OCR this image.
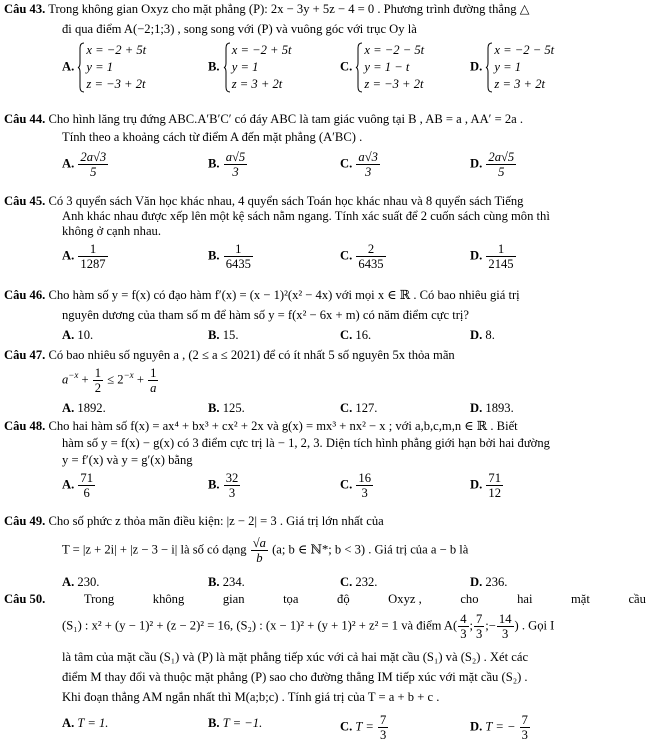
Câu 43. Trong không gian Oxyz cho mặt phẳng (P): 2x − 3y + 5z − 4 = 0 . Phương trình đường thẳng △
đi qua điểm A(−2;1;3) , song song với (P) và vuông góc với trục Oy là
A.
x = −2 + 5t
y = 1
z = −3 + 2t
B.
x = −2 + 5t
y = 1
z = 3 + 2t
C.
x = −2 − 5t
y = 1 − t
z = −3 + 2t
D.
x = −2 − 5t
y = 1
z = 3 + 2t
Câu 44. Cho hình lăng trụ đứng ABC.A′B′C′ có đáy ABC là tam giác vuông tại B , AB = a , AA′ = 2a .
Tính theo a khoảng cách từ điểm A đến mặt phẳng (A′BC) .
A. $\frac{2a√3}{5}$	B. $\frac{a√5}{3}$	C. $\frac{a√3}{3}$	D. $\frac{2a√5}{5}$
Câu 45. Có 3 quyển sách Văn học khác nhau, 4 quyển sách Toán học khác nhau và 8 quyển sách Tiếng
Anh khác nhau được xếp lên một kệ sách nằm ngang. Tính xác suất để 2 cuốn sách cùng môn thì
không ở cạnh nhau.
A. $\frac{1}{1287}$	B. $\frac{1}{6435}$	C. $\frac{2}{6435}$	D. $\frac{1}{2145}$
Câu 46. Cho hàm số y = f(x) có đạo hàm f′(x) = (x − 1)²(x² − 4x) với mọi x ∈ ℝ . Có bao nhiêu giá trị
nguyên dương của tham số m để hàm số y = f(x² − 6x + m) có năm điểm cực trị?
A. 10.	B. 15.	C. 16.	D. 8.
Câu 47. Có bao nhiêu số nguyên a , (2 ≤ a ≤ 2021) để có ít nhất 5 số nguyên 5x thỏa mãn
$a^{-x} + \frac{1}{2} \le 2^{-x} + \frac{1}{a}$
A. 1892.	B. 125.	C. 127.	D. 1893.
Câu 48. Cho hai hàm số f(x) = ax⁴ + bx³ + cx² + 2x và g(x) = mx³ + nx² − x ; với a,b,c,m,n ∈ ℝ . Biết
hàm số y = f(x) − g(x) có 3 điểm cực trị là − 1, 2, 3. Diện tích hình phẳng giới hạn bởi hai đường
y = f′(x) và y = g′(x) bằng
A. $\frac{71}{6}$	B. $\frac{32}{3}$	C. $\frac{16}{3}$	D. $\frac{71}{12}$
Câu 49. Cho số phức z thỏa mãn điều kiện: |z − 2| = 3 . Giá trị lớn nhất của
T = |z + 2i| + |z − 3 − i| là số có dạng $\frac{√a}{b} (a$; b ∈ ℕ*; b < 3) . Giá trị của a − b là
A. 230.	B. 234.	C. 232.	D. 236.
Câu 50.	Trong	không	gian	tọa	độ	Oxyz ,	cho	hai	mặt	cầu
(S₁) : x² + (y − 1)² + (z − 2)² = 16, (S₂) : (x − 1)² + (y + 1)² + z² = 1 và điểm $A( \frac{4}{3}$ ; $\frac{7}{3}$ ;− $\frac{14}{3}$ ) . Gọi I
là tâm của mặt cầu (S₁) và (P) là mặt phẳng tiếp xúc với cả hai mặt cầu (S₁) và (S₂) . Xét các
điểm M thay đổi và thuộc mặt phẳng (P) sao cho đường thẳng IM tiếp xúc với mặt cầu (S₂) .
Khi đoạn thẳng AM ngắn nhất thì M(a;b;c) . Tính giá trị của T = a + b + c .
A. T = 1.	B. T = −1.	C. $T = \frac{7}{3}$	D. T = − $\frac{7}{3}$
